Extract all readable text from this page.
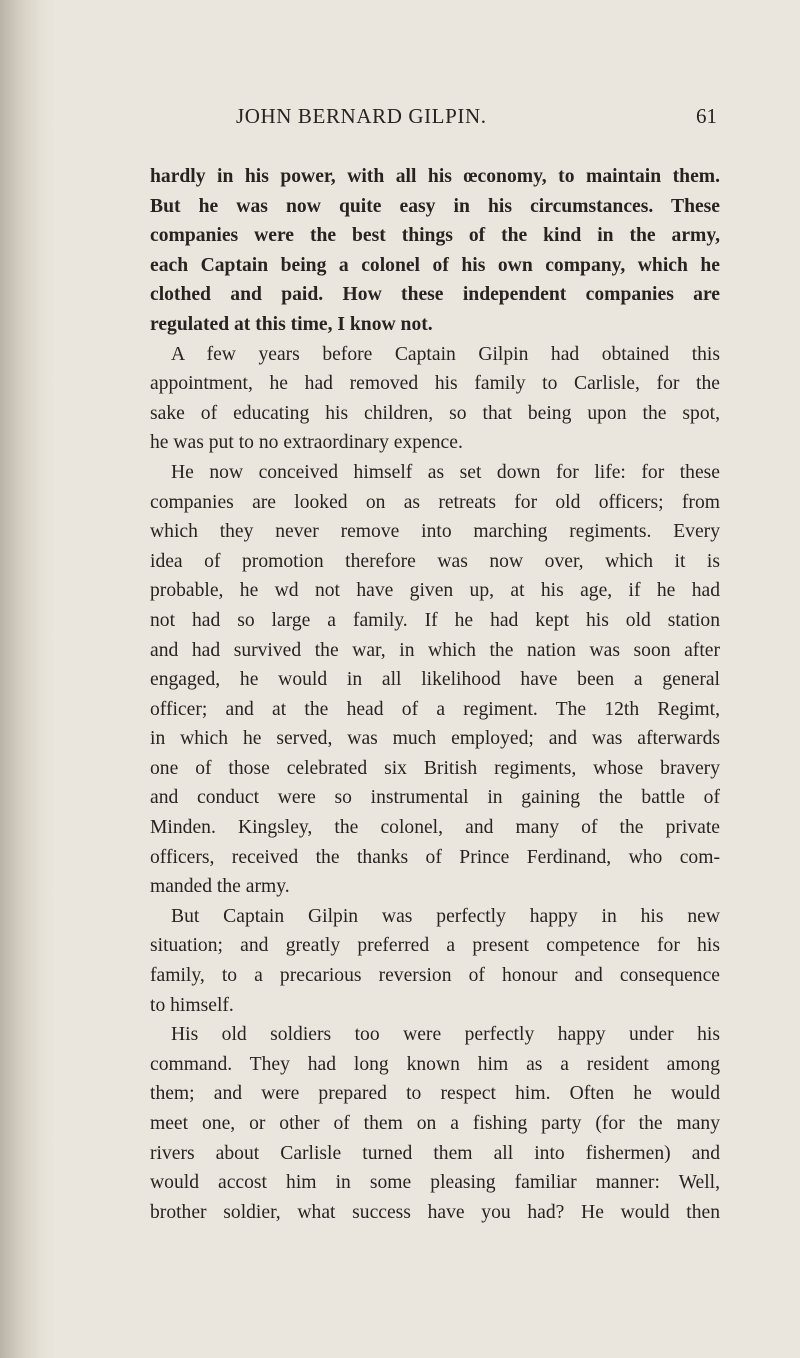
JOHN BERNARD GILPIN.	61
hardly in his power, with all his œconomy, to maintain them.
But he was now quite easy in his circumstances. These
companies were the best things of the kind in the army,
each Captain being a colonel of his own company, which he
clothed and paid. How these independent companies are
regulated at this time, I know not.
A few years before Captain Gilpin had obtained this
appointment, he had removed his family to Carlisle, for the
sake of educating his children, so that being upon the spot,
he was put to no extraordinary expence.
He now conceived himself as set down for life: for these
companies are looked on as retreats for old officers; from
which they never remove into marching regiments. Every
idea of promotion therefore was now over, which it is
probable, he wd not have given up, at his age, if he had
not had so large a family. If he had kept his old station
and had survived the war, in which the nation was soon after
engaged, he would in all likelihood have been a general
officer; and at the head of a regiment. The 12th Regimt,
in which he served, was much employed; and was afterwards
one of those celebrated six British regiments, whose bravery
and conduct were so instrumental in gaining the battle of
Minden. Kingsley, the colonel, and many of the private
officers, received the thanks of Prince Ferdinand, who com-
manded the army.
But Captain Gilpin was perfectly happy in his new
situation; and greatly preferred a present competence for his
family, to a precarious reversion of honour and consequence
to himself.
His old soldiers too were perfectly happy under his
command. They had long known him as a resident among
them; and were prepared to respect him. Often he would
meet one, or other of them on a fishing party (for the many
rivers about Carlisle turned them all into fishermen) and
would accost him in some pleasing familiar manner: Well,
brother soldier, what success have you had? He would then
